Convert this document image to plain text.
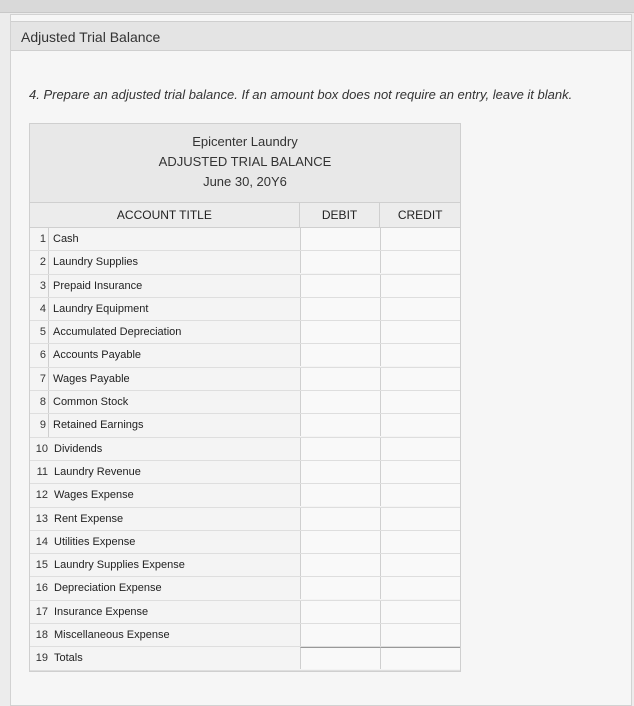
Adjusted Trial Balance
4. Prepare an adjusted trial balance. If an amount box does not require an entry, leave it blank.
Epicenter Laundry
ADJUSTED TRIAL BALANCE
June 30, 20Y6
ACCOUNT TITLE	DEBIT	CREDIT
1 Cash
2 Laundry Supplies
3 Prepaid Insurance
4 Laundry Equipment
5 Accumulated Depreciation
6 Accounts Payable
7 Wages Payable
8 Common Stock
9 Retained Earnings
10 Dividends
11 Laundry Revenue
12 Wages Expense
13 Rent Expense
14 Utilities Expense
15 Laundry Supplies Expense
16 Depreciation Expense
17 Insurance Expense
18 Miscellaneous Expense
19 Totals
